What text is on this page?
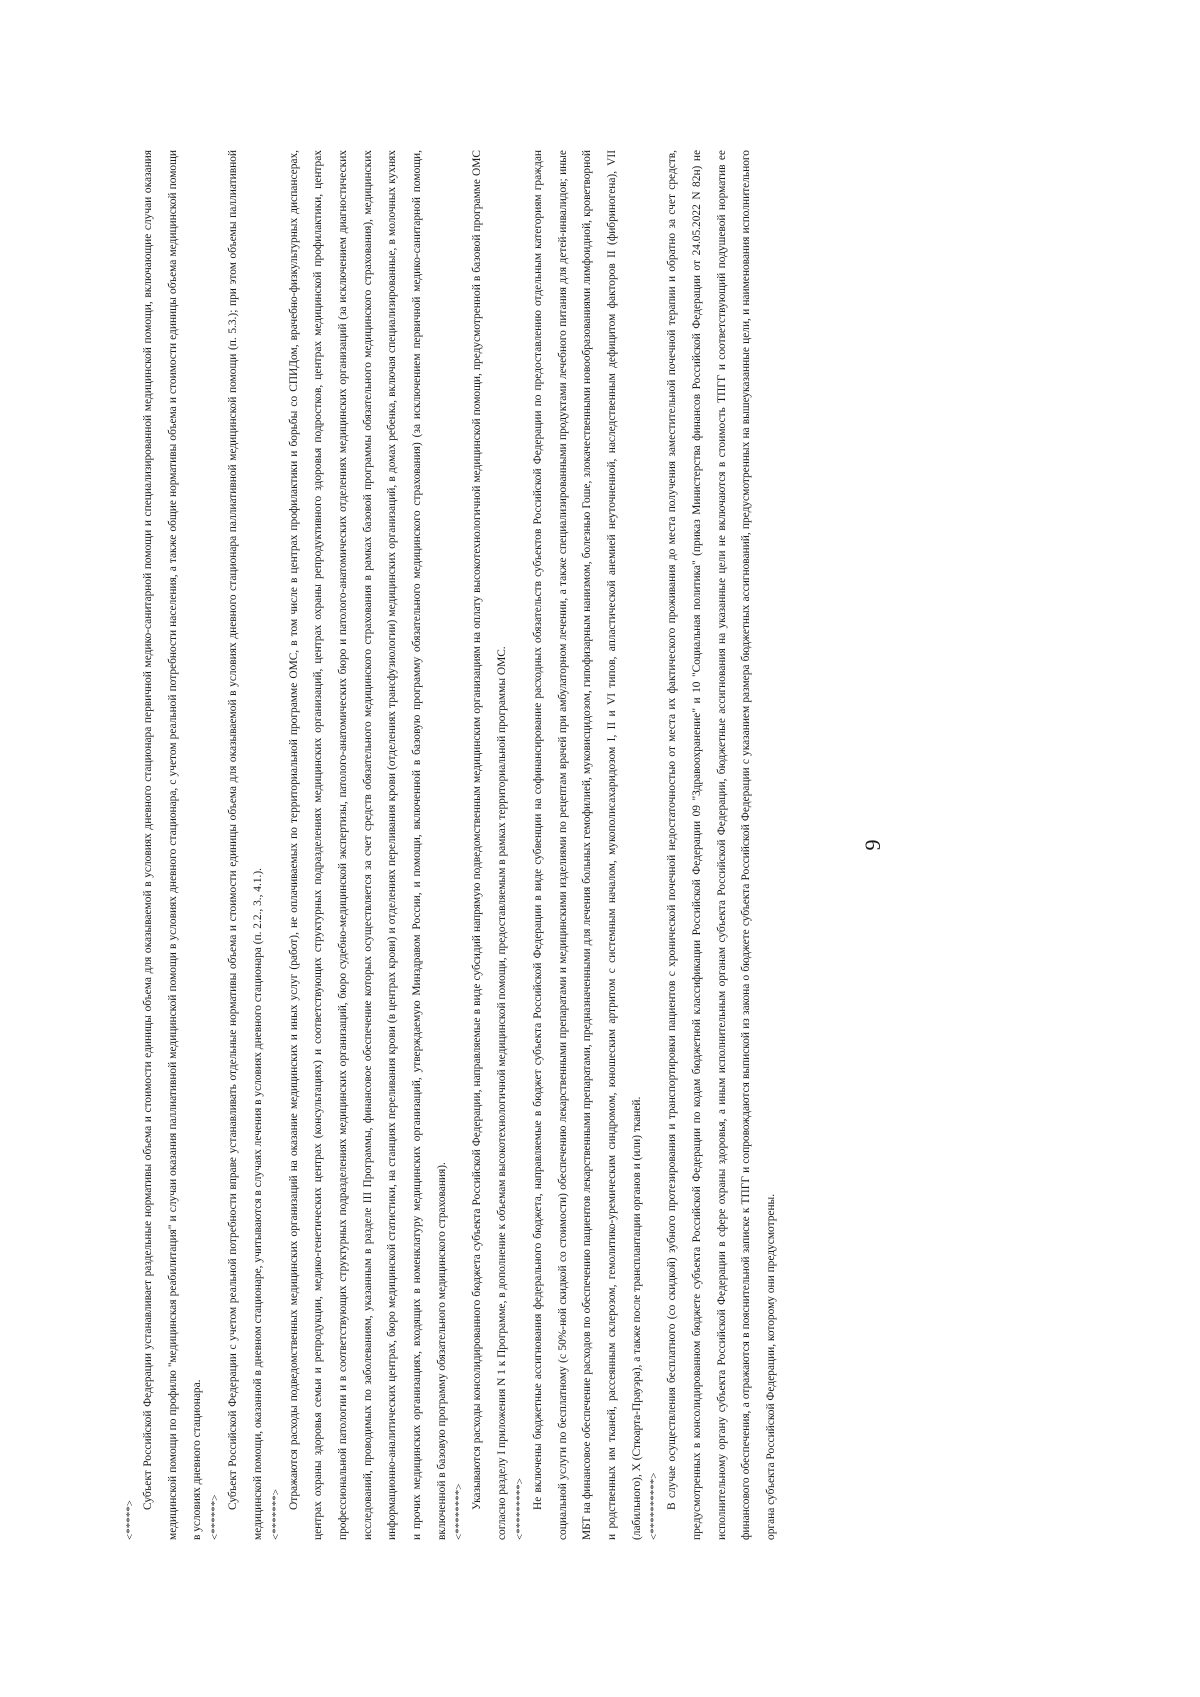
9
<*****>

Субъект Российской Федерации устанавливает раздельные нормативы объема и стоимости единицы объема для оказываемой в условиях дневного стационара первичной медико-санитарной помощи и специализированной медицинской помощи, включающие случаи оказания медицинской помощи по профилю "медицинская реабилитация" и случаи оказания паллиативной медицинской помощи в условиях дневного стационара, с учетом реальной потребности населения, а также общие нормативы объема и стоимости единицы объема медицинской помощи в условиях дневного стационара. <******>

Субъект Российской Федерации с учетом реальной потребности вправе устанавливать отдельные нормативы объема и стоимости единицы объема для оказываемой в условиях дневного стационара паллиативной медицинской помощи (п. 5.3.); при этом объемы паллиативной медицинской помощи, оказанной в дневном стационаре, учитываются в случаях лечения в условиях дневного стационара (п. 2.2., 3., 4.1.). <*******>

Отражаются расходы подведомственных медицинских организаций на оказание медицинских и иных услуг (работ), не оплачиваемых по территориальной программе ОМС, в том числе в центрах профилактики и борьбы со СПИДом, врачебно-физкультурных диспансерах, центрах охраны здоровья семьи и репродукции, медико-генетических центрах (консультациях) и соответствующих структурных подразделениях медицинских организаций, центрах охраны репродуктивного здоровья подростков, центрах медицинской профилактики, центрах профессиональной патологии и в соответствующих структурных подразделениях медицинских организаций, бюро судебно-медицинской экспертизы, патолого-анатомических бюро и патолого-анатомических отделениях медицинских организаций (за исключением диагностических исследований, проводимых по заболеваниям, указанным в разделе III Программы, финансовое обеспечение которых осуществляется за счет средств обязательного медицинского страхования в рамках базовой программы обязательного медицинского страхования), медицинских информационно-аналитических центрах, бюро медицинской статистики, на станциях переливания крови (в центрах крови) и отделениях переливания крови (отделениях трансфузиологии) медицинских организаций, в домах ребенка, включая специализированные, в молочных кухнях и прочих медицинских организациях, входящих в номенклатуру медицинских организаций, утверждаемую Минздравом России, и помощи, включенной в базовую программу обязательного медицинского страхования) (за исключением первичной медико-санитарной помощи, включенной в базовую программу обязательного медицинского страхования). <********>

Указываются расходы консолидированного бюджета субъекта Российской Федерации, направляемые в виде субсидий напрямую подведомственным медицинским организациям на оплату высокотехнологичной медицинской помощи, предусмотренной в базовой программе ОМС согласно разделу I приложения N 1 к Программе, в дополнение к объемам высокотехнологичной медицинской помощи, предоставляемым в рамках территориальной программы ОМС. <*********> Не включены бюджетные ассигнования федерального бюджета, направляемые в бюджет субъекта Российской Федерации в виде субвенции на софинансирование расходных обязательств субъектов Российской Федерации по предоставлению отдельным категориям граждан социальной услуги по бесплатному (с 50%-ной скидкой со стоимости) обеспечению лекарственными препаратами и медицинскими изделиями по рецептам врачей при амбулаторном лечении, а также специализированными продуктами лечебного питания для детей-инвалидов; иные МБТ на финансовое обеспечение расходов по обеспечению пациентов лекарственными препаратами, предназначенными для лечения больных гемофилией, муковисцидозом, гипофизарным нанизмом, болезнью Гоше, злокачественными новообразованиями лимфоидной, кроветворной и родственных им тканей, рассеянным склерозом, гемолитико-уремическим синдромом, юношеским артритом с системным началом, мукополисахаридозом I, II и VI типов, апластической анемией неуточненной, наследственным дефицитом факторов II (фибриногена), VII (лабильного), X (Стюарта-Прауэра), а также после трансплантации органов и (или) тканей. <**********> В случае осуществления бесплатного (со скидкой) зубного протезирования и транспортировки пациентов с хронической почечной недостаточностью от места их фактического проживания до места получения заместительной почечной терапии и обратно за счет средств, предусмотренных в консолидированном бюджете субъекта Российской Федерации по кодам бюджетной классификации Российской Федерации 09 "Здравоохранение" и 10 "Социальная политика" (приказ Министерства финансов Российской Федерации от 24.05.2022 N 82н) не исполнительному органу субъекта Российской Федерации в сфере охраны здоровья, а иным исполнительным органам субъекта Российской Федерации, бюджетные ассигнования на указанные цели не включаются в стоимость ТПГГ и соответствующий подушевой норматив ее финансового обеспечения, а отражаются в пояснительной записке к ТПГГ и сопровождаются выпиской из закона о бюджете субъекта Российской Федерации с указанием размера бюджетных ассигнований, предусмотренных на вышеуказанные цели, и наименования исполнительного органа субъекта Российской Федерации, которому они предусмотрены.
